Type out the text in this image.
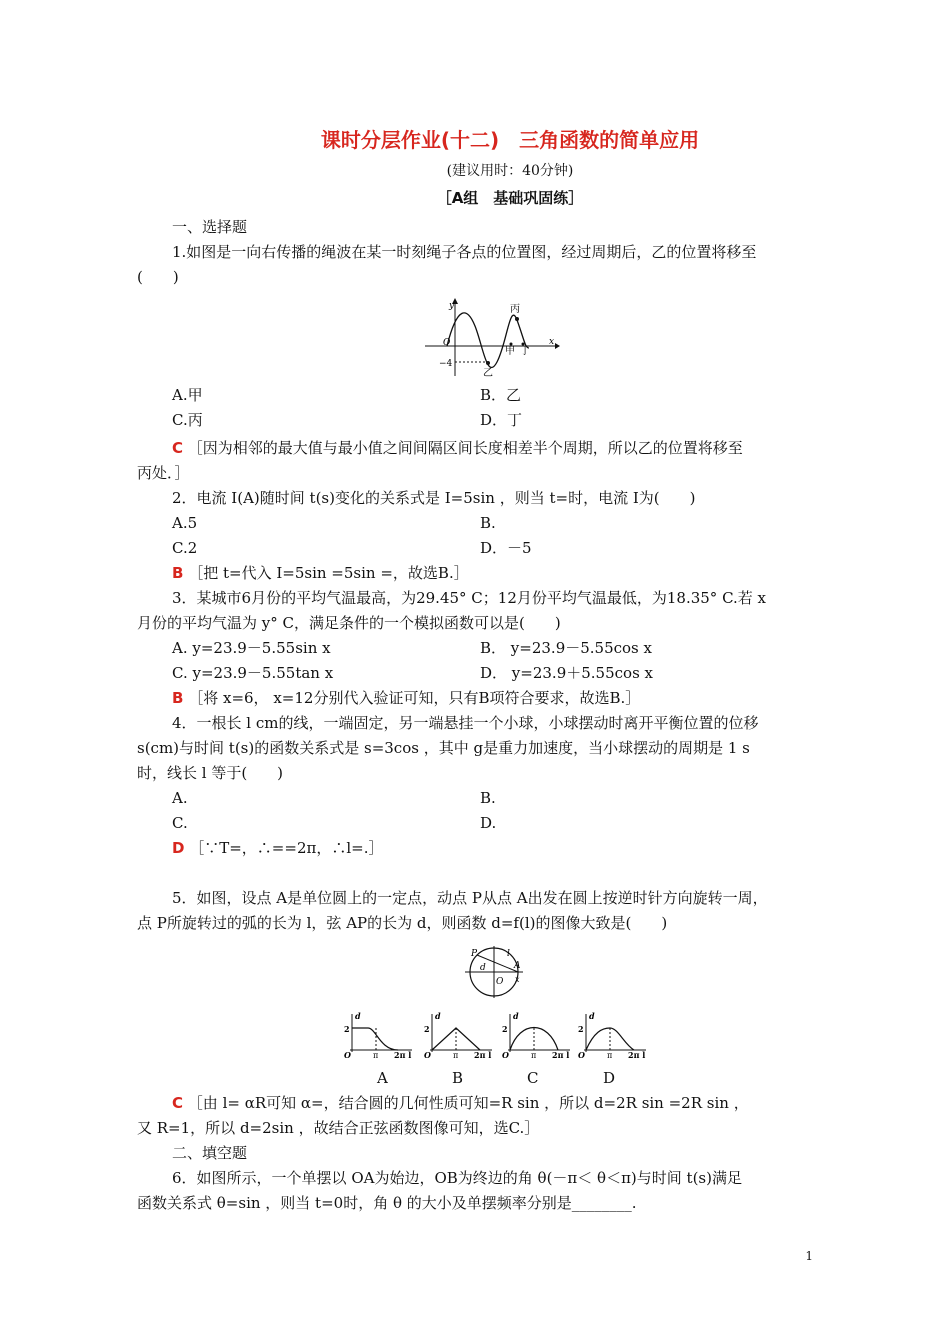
课时分层作业(十二)　三角函数的简单应用
(建议用时：40分钟)
［A组　基础巩固练］
一、选择题
1.如图是一向右传播的绳波在某一时刻绳子各点的位置图，经过周期后，乙的位置将移至
(　　)
y
x
O
−4
丙
甲 丁
乙
A.甲	B．乙
C.丙	D．丁
C ［因为相邻的最大值与最小值之间间隔区间长度相差半个周期，所以乙的位置将移至
丙处．］
2．电流 I(A)随时间 t(s)变化的关系式是 I=5sin ，则当 t=时，电流 I为(　　)
A.5	B.
C.2	D．－5
B ［把 t=代入 I=5sin =5sin =，故选B.］
3．某城市6月份的平均气温最高，为29.45° C；12月份平均气温最低，为18.35° C.若 x
月份的平均气温为 y° C，满足条件的一个模拟函数可以是(　　)
A. y=23.9－5.55sin x	B． y=23.9－5.55cos x
C. y=23.9－5.55tan x	D． y=23.9＋5.55cos x
B ［将 x=6， x=12分别代入验证可知，只有B项符合要求，故选B.］
4．一根长 l cm的线，一端固定，另一端悬挂一个小球，小球摆动时离开平衡位置的位移
s(cm)与时间 t(s)的函数关系式是 s=3cos ，其中 g是重力加速度，当小球摆动的周期是 1 s
时，线长 l 等于(　　)
A.	B.
C.	D.
D ［∵T=，∴==2π，∴l=.］
5．如图，设点 A是单位圆上的一定点，动点 P从点 A出发在圆上按逆时针方向旋转一周，
点 P所旋转过的弧的长为 l，弦 AP的长为 d，则函数 d=f(l)的图像大致是(　　)
P	l
d	A
O x
d
2
O	π 2π l
d
2
O	π 2π l
d
2
O	π 2π l
d
2
O	π 2π l
A	B	C	D
C ［由 l= αR可知 α=，结合圆的几何性质可知=R sin ，所以 d=2R sin =2R sin ，
又 R=1，所以 d=2sin ，故结合正弦函数图像可知，选C.］
二、填空题
6．如图所示，一个单摆以 OA为始边，OB为终边的角 θ(－π＜ θ＜π)与时间 t(s)满足
函数关系式 θ=sin ，则当 t=0时，角 θ 的大小及单摆频率分别是________.
1
